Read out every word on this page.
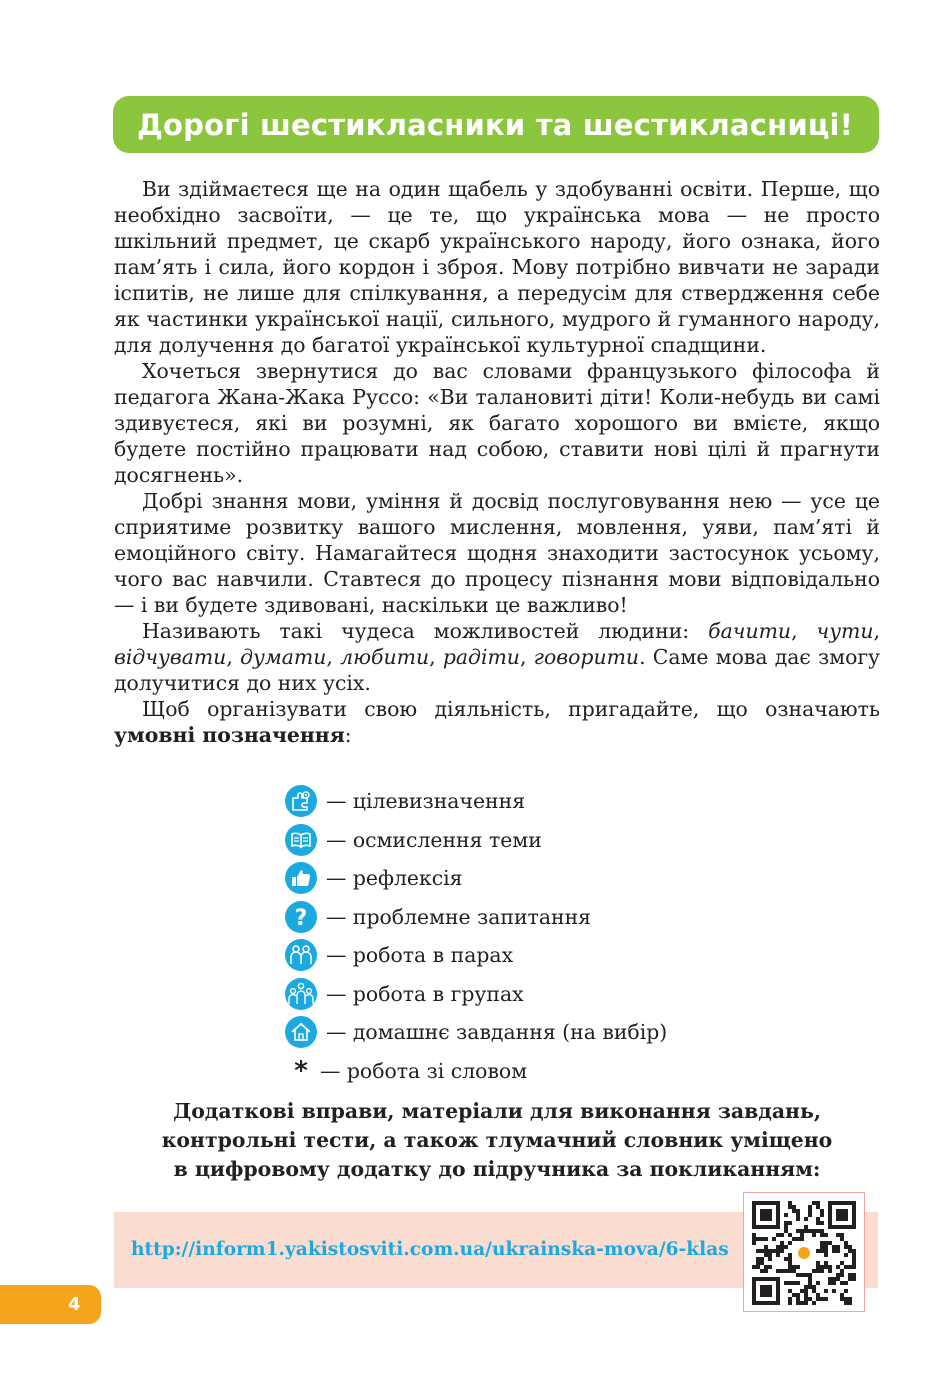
Дорогі шестикласники та шестикласниці!

Ви здіймаєтеся ще на один щабель у здобуванні освіти. Перше, що необхідно засвоїти, — це те, що українська мова — не просто шкільний предмет, це скарб українського народу, його ознака, його пам’ять і сила, його кордон і зброя. Мову потрібно вивчати не заради іспитів, не лише для спілкування, а передусім для ствердження себе як частинки української нації, сильного, мудрого й гуманного народу, для долучення до багатої української культурної спадщини.

Хочеться звернутися до вас словами французького філософа й педагога Жана-Жака Руссо: «Ви талановиті діти! Коли-небудь ви самі здивуєтеся, які ви розумні, як багато хорошого ви вмієте, якщо будете постійно працювати над собою, ставити нові цілі й прагнути досягнень».

Добрі знання мови, уміння й досвід послуговування нею — усе це сприятиме розвитку вашого мислення, мовлення, уяви, пам’яті й емоційного світу. Намагайтеся щодня знаходити застосунок усьому, чого вас навчили. Ставтеся до процесу пізнання мови відповідально — і ви будете здивовані, наскільки це важливо!

Називають такі чудеса можливостей людини: бачити, чути, відчувати, думати, любити, радіти, говорити. Саме мова дає змогу долучитися до них усіх.

Щоб організувати свою діяльність, пригадайте, що означають умовні позначення:

— цілевизначення
— осмислення теми
— рефлексія
? — проблемне запитання
— робота в парах
— робота в групах
— домашнє завдання (на вибір)
* — робота зі словом
Додаткові вправи, матеріали для виконання завдань,
контрольні тести, а також тлумачний словник уміщено
в цифровому додатку до підручника за покликанням:
http://inform1.yakistosviti.com.ua/ukrainska-mova/6-klas
4
